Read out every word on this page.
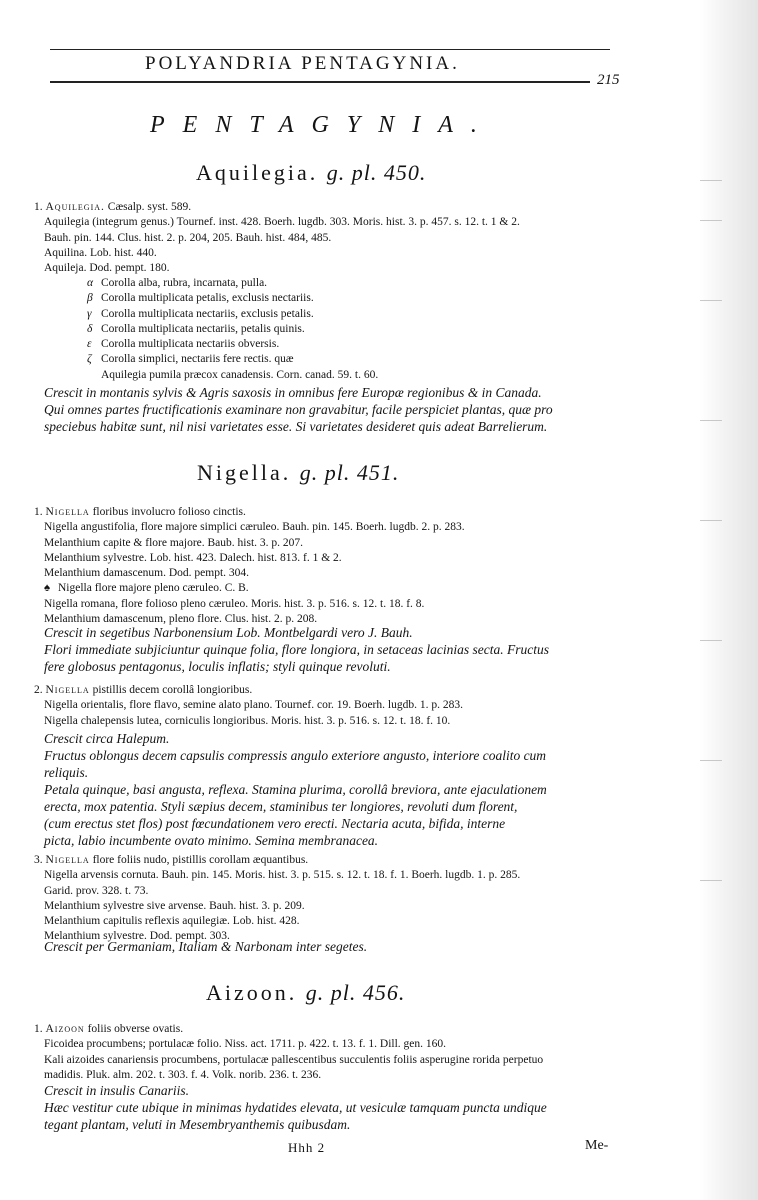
POLYANDRIA PENTAGYNIA.
215
PENTAGYNIA.
Aquilegia. g. pl. 450.
1. Aquilegia. Cæsalp. syst. 589.
Aquilegia (integrum genus.) Tournef. inst. 428. Boerh. lugdb. 303. Moris. hist. 3. p. 457. s. 12. t. 1 & 2.
Bauh. pin. 144. Clus. hist. 2. p. 204, 205. Bauh. hist. 484, 485.
Aquilina. Lob. hist. 440.
Aquileja. Dod. pempt. 180.
α Corolla alba, rubra, incarnata, pulla.
β Corolla multiplicata petalis, exclusis nectariis.
γ Corolla multiplicata nectariis, exclusis petalis.
δ Corolla multiplicata nectariis, petalis quinis.
ε Corolla multiplicata nectariis obversis.
ζ Corolla simplici, nectariis fere rectis. quæ
Aquilegia pumila præcox canadensis. Corn. canad. 59. t. 60.
Crescit in montanis sylvis & Agris saxosis in omnibus fere Europæ regionibus & in Canada.
Qui omnes partes fructificationis examinare non gravabitur, facile perspiciet plantas, quæ pro
speciebus habitæ sunt, nil nisi varietates esse. Si varietates desideret quis adeat Barrelierum.
Nigella. g. pl. 451.
1. Nigella floribus involucro folioso cinctis.
Nigella angustifolia, flore majore simplici cæruleo. Bauh. pin. 145. Boerh. lugdb. 2. p. 283.
Melanthium capite & flore majore. Baub. hist. 3. p. 207.
Melanthium sylvestre. Lob. hist. 423. Dalech. hist. 813. f. 1 & 2.
Melanthium damascenum. Dod. pempt. 304.
♠ Nigella flore majore pleno cæruleo. C. B.
Nigella romana, flore folioso pleno cæruleo. Moris. hist. 3. p. 516. s. 12. t. 18. f. 8.
Melanthium damascenum, pleno flore. Clus. hist. 2. p. 208.
Crescit in segetibus Narbonensium Lob. Montbelgardi vero J. Bauh.
Flori immediate subjiciuntur quinque folia, flore longiora, in setaceas lacinias secta. Fructus
fere globosus pentagonus, loculis inflatis; styli quinque revoluti.
2. Nigella pistillis decem corollâ longioribus.
Nigella orientalis, flore flavo, semine alato plano. Tournef. cor. 19. Boerh. lugdb. 1. p. 283.
Nigella chalepensis lutea, corniculis longioribus. Moris. hist. 3. p. 516. s. 12. t. 18. f. 10.
Crescit circa Halepum.
Fructus oblongus decem capsulis compressis angulo exteriore angusto, interiore coalito cum
reliquis.
Petala quinque, basi angusta, reflexa. Stamina plurima, corollâ breviora, ante ejaculationem
erecta, mox patentia. Styli sæpius decem, staminibus ter longiores, revoluti dum florent,
(cum erectus stet flos) post fœcundationem vero erecti. Nectaria acuta, bifida, interne
picta, labio incumbente ovato minimo. Semina membranacea.
3. Nigella flore foliis nudo, pistillis corollam æquantibus.
Nigella arvensis cornuta. Bauh. pin. 145. Moris. hist. 3. p. 515. s. 12. t. 18. f. 1. Boerh. lugdb. 1. p. 285.
Garid. prov. 328. t. 73.
Melanthium sylvestre sive arvense. Bauh. hist. 3. p. 209.
Melanthium capitulis reflexis aquilegiæ. Lob. hist. 428.
Melanthium sylvestre. Dod. pempt. 303.
Crescit per Germaniam, Italiam & Narbonam inter segetes.
Aizoon. g. pl. 456.
1. Aizoon foliis obverse ovatis.
Ficoidea procumbens; portulacæ folio. Niss. act. 1711. p. 422. t. 13. f. 1. Dill. gen. 160.
Kali aizoides canariensis procumbens, portulacæ pallescentibus succulentis foliis asperugine rorida perpetuo
madidis. Pluk. alm. 202. t. 303. f. 4. Volk. norib. 236. t. 236.
Crescit in insulis Canariis.
Hæc vestitur cute ubique in minimas hydatides elevata, ut vesiculæ tamquam puncta undique
tegant plantam, veluti in Mesembryanthemis quibusdam.
Hhh 2	Me-
